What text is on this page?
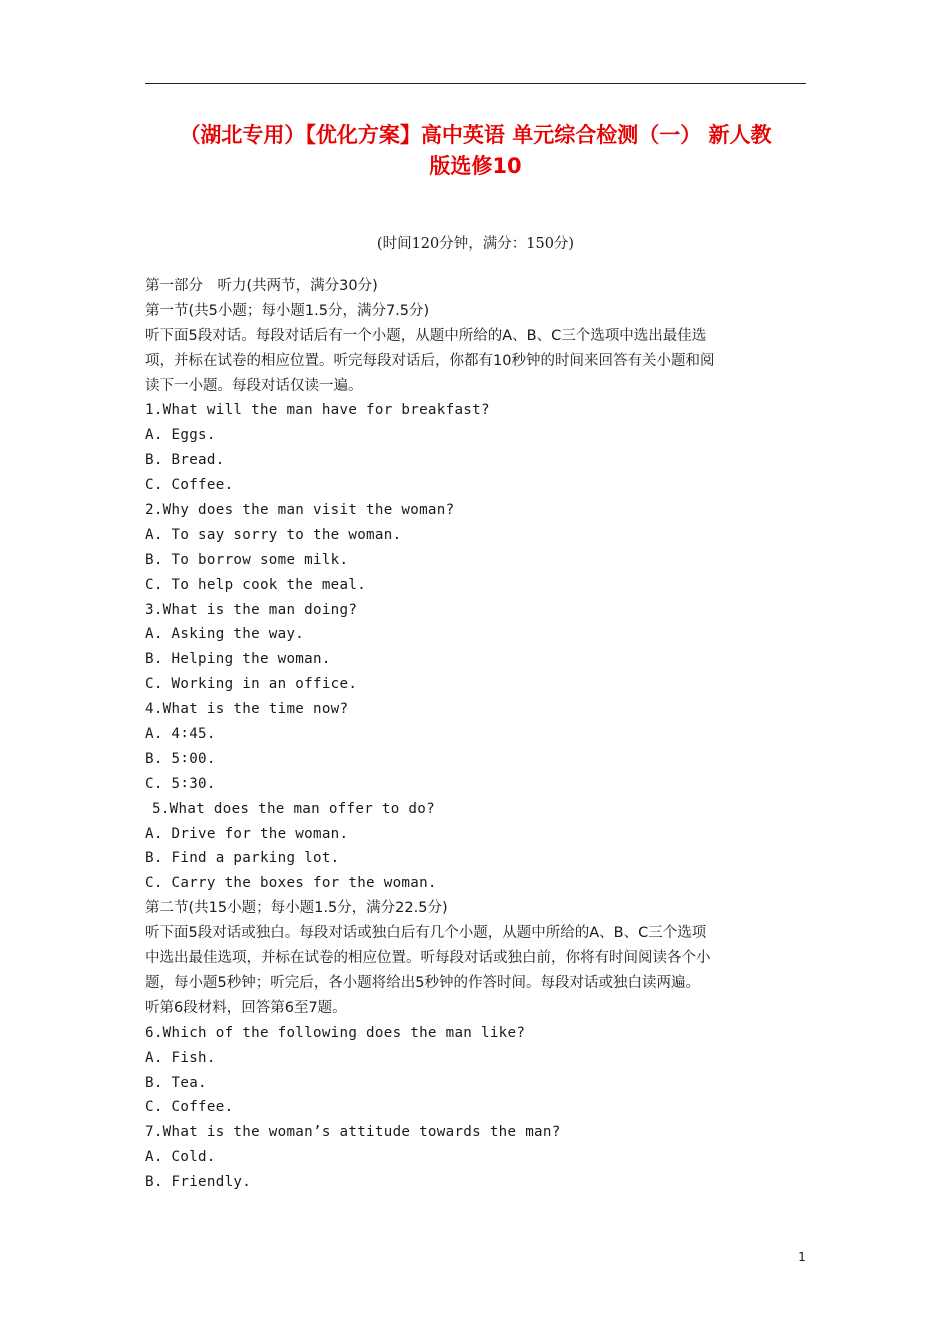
（湖北专用）【优化方案】高中英语 单元综合检测（一） 新人教
版选修10
(时间120分钟，满分：150分)
第一部分　听力(共两节，满分30分)
第一节(共5小题；每小题1.5分，满分7.5分)
听下面5段对话。每段对话后有一个小题，从题中所给的A、B、C三个选项中选出最佳选
项，并标在试卷的相应位置。听完每段对话后，你都有10秒钟的时间来回答有关小题和阅
读下一小题。每段对话仅读一遍。
1.What will the man have for breakfast?
A. Eggs.
B. Bread.
C. Coffee.
2.Why does the man visit the woman?
A. To say sorry to the woman.
B. To borrow some milk.
C. To help cook the meal.
3.What is the man doing?
A. Asking the way.
B. Helping the woman.
C. Working in an office.
4.What is the time now?
A. 4∶45.
B. 5∶00.
C. 5∶30.
5.What does the man offer to do?
A. Drive for the woman.
B. Find a parking lot.
C. Carry the boxes for the woman.
第二节(共15小题；每小题1.5分，满分22.5分)
听下面5段对话或独白。每段对话或独白后有几个小题，从题中所给的A、B、C三个选项
中选出最佳选项，并标在试卷的相应位置。听每段对话或独白前，你将有时间阅读各个小
题，每小题5秒钟；听完后，各小题将给出5秒钟的作答时间。每段对话或独白读两遍。
听第6段材料，回答第6至7题。
6.Which of the following does the man like?
A. Fish.
B. Tea.
C. Coffee.
7.What is the woman’s attitude towards the man?
A. Cold.
B. Friendly.
1
